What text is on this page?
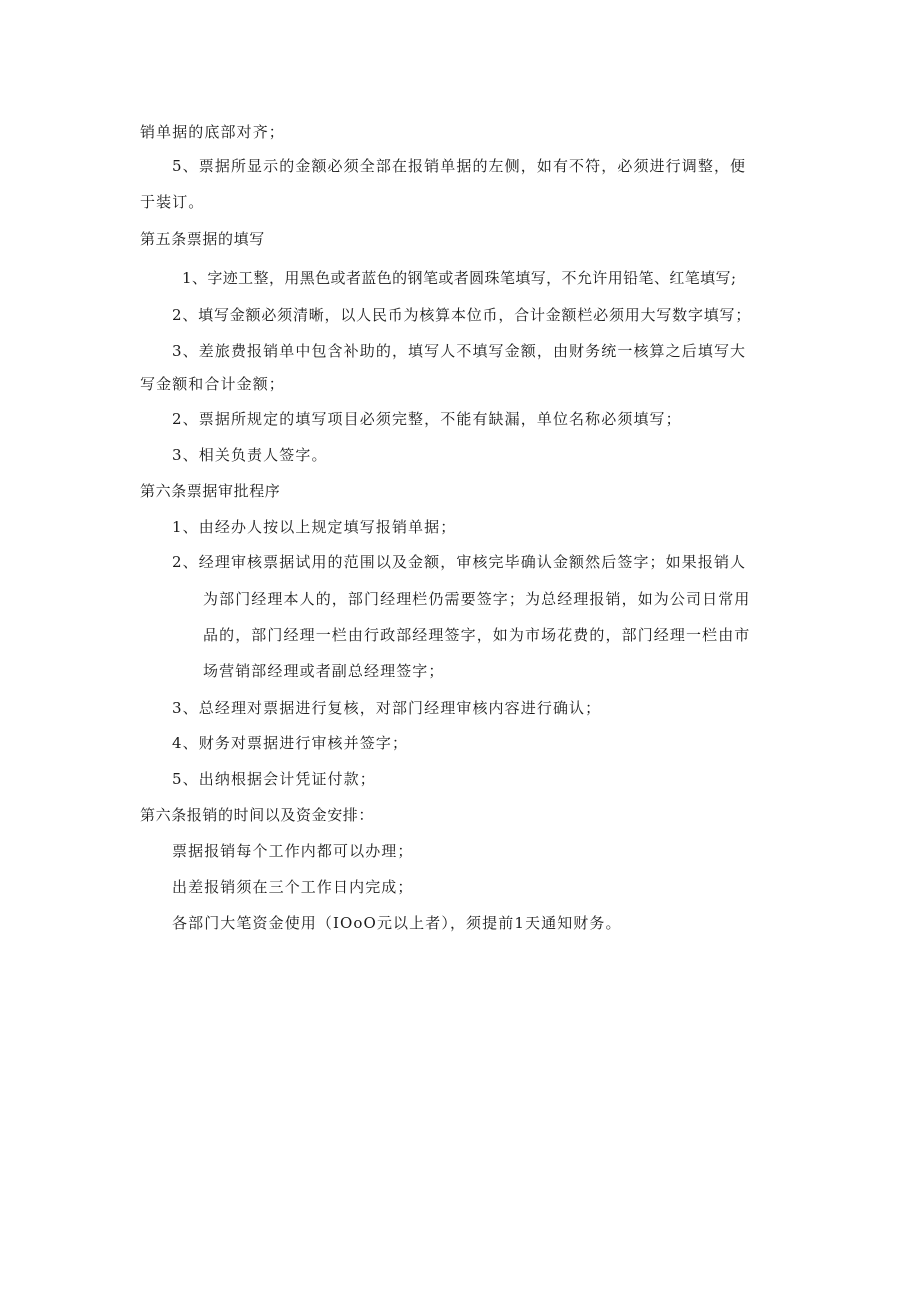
销单据的底部对齐；
5、票据所显示的金额必须全部在报销单据的左侧，如有不符，必须进行调整，便
于装订。
第五条票据的填写
1、字迹工整，用黑色或者蓝色的钢笔或者圆珠笔填写，不允许用铅笔、红笔填写;
2、填写金额必须清晰，以人民币为核算本位币，合计金额栏必须用大写数字填写；
3、差旅费报销单中包含补助的，填写人不填写金额，由财务统一核算之后填写大
写金额和合计金额；
2、票据所规定的填写项目必须完整，不能有缺漏，单位名称必须填写；
3、相关负责人签字。
第六条票据审批程序
1、由经办人按以上规定填写报销单据；
2、经理审核票据试用的范围以及金额，审核完毕确认金额然后签字；如果报销人
为部门经理本人的，部门经理栏仍需要签字；为总经理报销，如为公司日常用
品的，部门经理一栏由行政部经理签字，如为市场花费的，部门经理一栏由市
场营销部经理或者副总经理签字；
3、总经理对票据进行复核，对部门经理审核内容进行确认；
4、财务对票据进行审核并签字；
5、出纳根据会计凭证付款；
第六条报销的时间以及资金安排：
票据报销每个工作内都可以办理；
出差报销须在三个工作日内完成；
各部门大笔资金使用（IOoO元以上者），须提前1天通知财务。
